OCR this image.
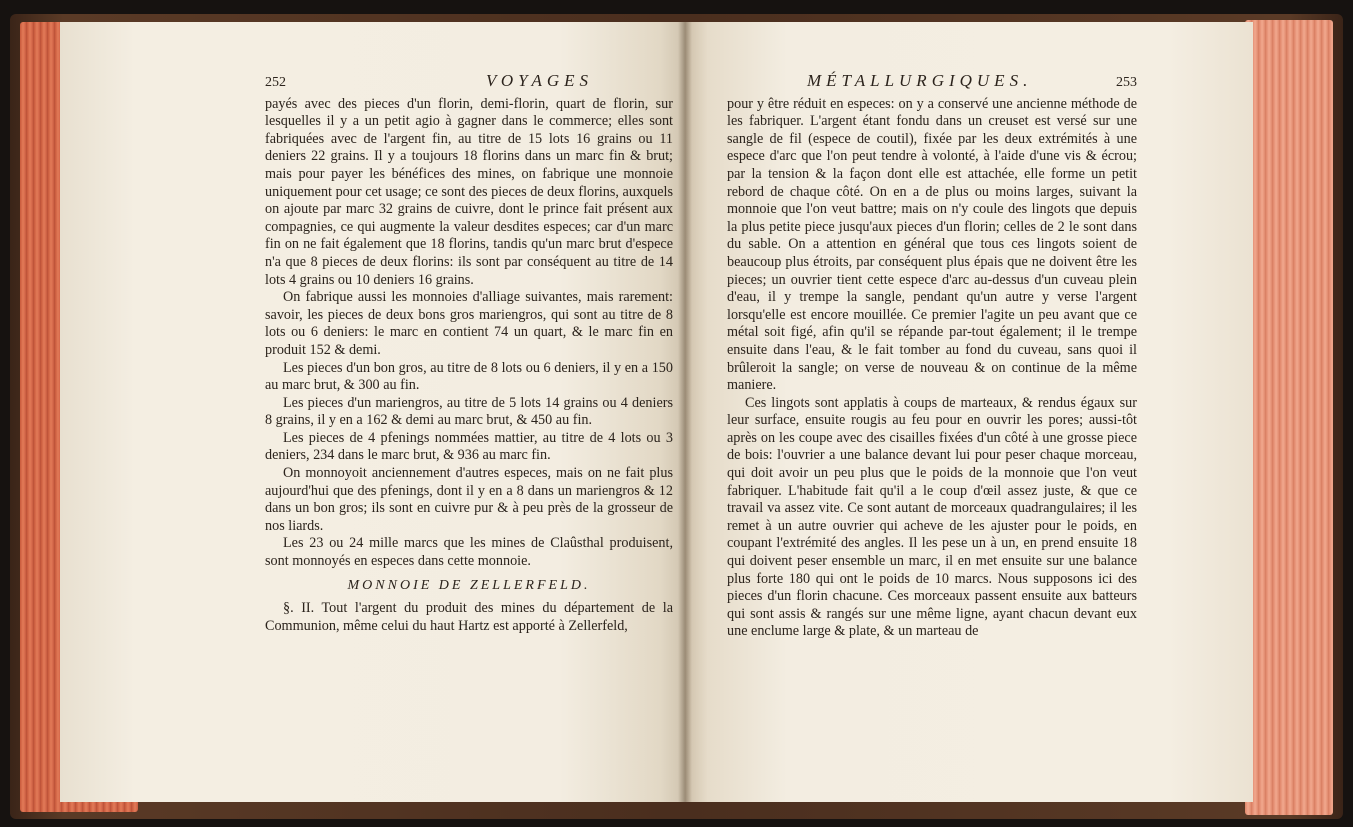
252	VOYAGES

payés avec des pieces d'un florin, demi-florin, quart de florin, sur lesquelles il y a un petit agio à gagner dans le commerce; elles sont fabriquées avec de l'argent fin, au titre de 15 lots 16 grains ou 11 deniers 22 grains. Il y a toujours 18 florins dans un marc fin & brut; mais pour payer les bénéfices des mines, on fabrique une monnoie uniquement pour cet usage; ce sont des pieces de deux florins, auxquels on ajoute par marc 32 grains de cuivre, dont le prince fait présent aux compagnies, ce qui augmente la valeur desdites especes; car d'un marc fin on ne fait également que 18 florins, tandis qu'un marc brut d'espece n'a que 8 pieces de deux florins: ils sont par conséquent au titre de 14 lots 4 grains ou 10 deniers 16 grains.

On fabrique aussi les monnoies d'alliage suivantes, mais rarement: savoir, les pieces de deux bons gros mariengros, qui sont au titre de 8 lots ou 6 deniers: le marc en contient 74 un quart, & le marc fin en produit 152 & demi.

Les pieces d'un bon gros, au titre de 8 lots ou 6 deniers, il y en a 150 au marc brut, & 300 au fin.

Les pieces d'un mariengros, au titre de 5 lots 14 grains ou 4 deniers 8 grains, il y en a 162 & demi au marc brut, & 450 au fin.

Les pieces de 4 pfenings nommées mattier, au titre de 4 lots ou 3 deniers, 234 dans le marc brut, & 936 au marc fin.

On monnoyoit anciennement d'autres especes, mais on ne fait plus aujourd'hui que des pfenings, dont il y en a 8 dans un mariengros & 12 dans un bon gros; ils sont en cuivre pur & à peu près de la grosseur de nos liards.

Les 23 ou 24 mille marcs que les mines de Claûsthal produisent, sont monnoyés en especes dans cette monnoie.

MONNOIE DE ZELLERFELD.

§. II. Tout l'argent du produit des mines du département de la Communion, même celui du haut Hartz est apporté à Zellerfeld,

MÉTALLURGIQUES.	253

pour y être réduit en especes: on y a conservé une ancienne méthode de les fabriquer. L'argent étant fondu dans un creuset est versé sur une sangle de fil (espece de coutil), fixée par les deux extrémités à une espece d'arc que l'on peut tendre à volonté, à l'aide d'une vis & écrou; par la tension & la façon dont elle est attachée, elle forme un petit rebord de chaque côté. On en a de plus ou moins larges, suivant la monnoie que l'on veut battre; mais on n'y coule des lingots que depuis la plus petite piece jusqu'aux pieces d'un florin; celles de 2 le sont dans du sable. On a attention en général que tous ces lingots soient de beaucoup plus étroits, par conséquent plus épais que ne doivent être les pieces; un ouvrier tient cette espece d'arc au-dessus d'un cuveau plein d'eau, il y trempe la sangle, pendant qu'un autre y verse l'argent lorsqu'elle est encore mouillée. Ce premier l'agite un peu avant que ce métal soit figé, afin qu'il se répande par-tout également; il le trempe ensuite dans l'eau, & le fait tomber au fond du cuveau, sans quoi il brûleroit la sangle; on verse de nouveau & on continue de la même maniere.

Ces lingots sont applatis à coups de marteaux, & rendus égaux sur leur surface, ensuite rougis au feu pour en ouvrir les pores; aussi-tôt après on les coupe avec des cisailles fixées d'un côté à une grosse piece de bois: l'ouvrier a une balance devant lui pour peser chaque morceau, qui doit avoir un peu plus que le poids de la monnoie que l'on veut fabriquer. L'habitude fait qu'il a le coup d'œil assez juste, & que ce travail va assez vite. Ce sont autant de morceaux quadrangulaires; il les remet à un autre ouvrier qui acheve de les ajuster pour le poids, en coupant l'extrémité des angles. Il les pese un à un, en prend ensuite 18 qui doivent peser ensemble un marc, il en met ensuite sur une balance plus forte 180 qui ont le poids de 10 marcs. Nous supposons ici des pieces d'un florin chacune. Ces morceaux passent ensuite aux batteurs qui sont assis & rangés sur une même ligne, ayant chacun devant eux une enclume large & plate, & un marteau de
